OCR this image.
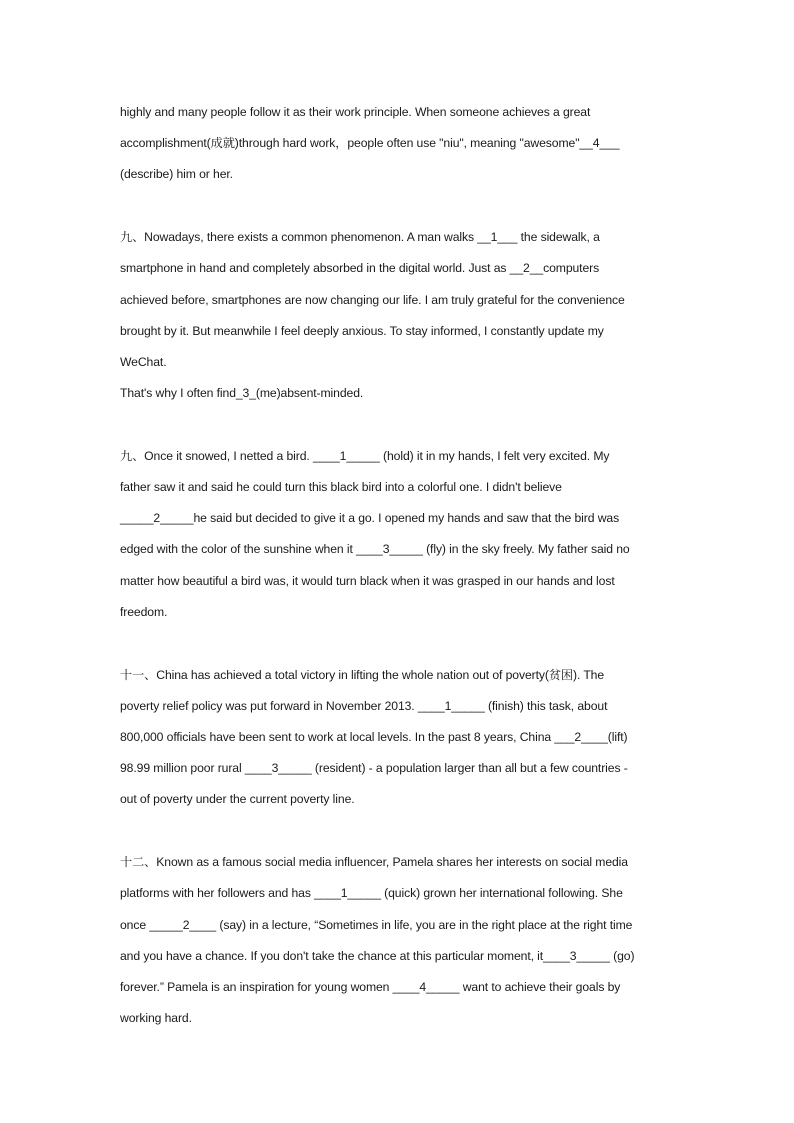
highly and many people follow it as their work principle. When someone achieves a great
accomplishment(成就)through hard work，people often use "niu", meaning "awesome"__4___
(describe) him or her.
九、Nowadays, there exists a common phenomenon. A man walks __1___ the sidewalk, a
smartphone in hand and completely absorbed in the digital world. Just as __2__computers
achieved before, smartphones are now changing our life. I am truly grateful for the convenience
brought by it. But meanwhile I feel deeply anxious. To stay informed, I constantly update my
WeChat.
That's why I often find_3_(me)absent-minded.
九、Once it snowed, I netted a bird. ____1_____ (hold) it in my hands, I felt very excited. My
father saw it and said he could turn this black bird into a colorful one. I didn't believe
_____2_____he said but decided to give it a go. I opened my hands and saw that the bird was
edged with the color of the sunshine when it ____3_____ (fly) in the sky freely. My father said no
matter how beautiful a bird was, it would turn black when it was grasped in our hands and lost
freedom.
十一、China has achieved a total victory in lifting the whole nation out of poverty(贫困). The
poverty relief policy was put forward in November 2013. ____1_____ (finish) this task, about
800,000 officials have been sent to work at local levels. In the past 8 years, China ___2____(lift)
98.99 million poor rural ____3_____ (resident) - a population larger than all but a few countries -
out of poverty under the current poverty line.
十二、Known as a famous social media influencer, Pamela shares her interests on social media
platforms with her followers and has ____1_____ (quick) grown her international following. She
once _____2____ (say) in a lecture, “Sometimes in life, you are in the right place at the right time
and you have a chance. If you don't take the chance at this particular moment, it____3_____ (go)
forever.” Pamela is an inspiration for young women ____4_____ want to achieve their goals by
working hard.
